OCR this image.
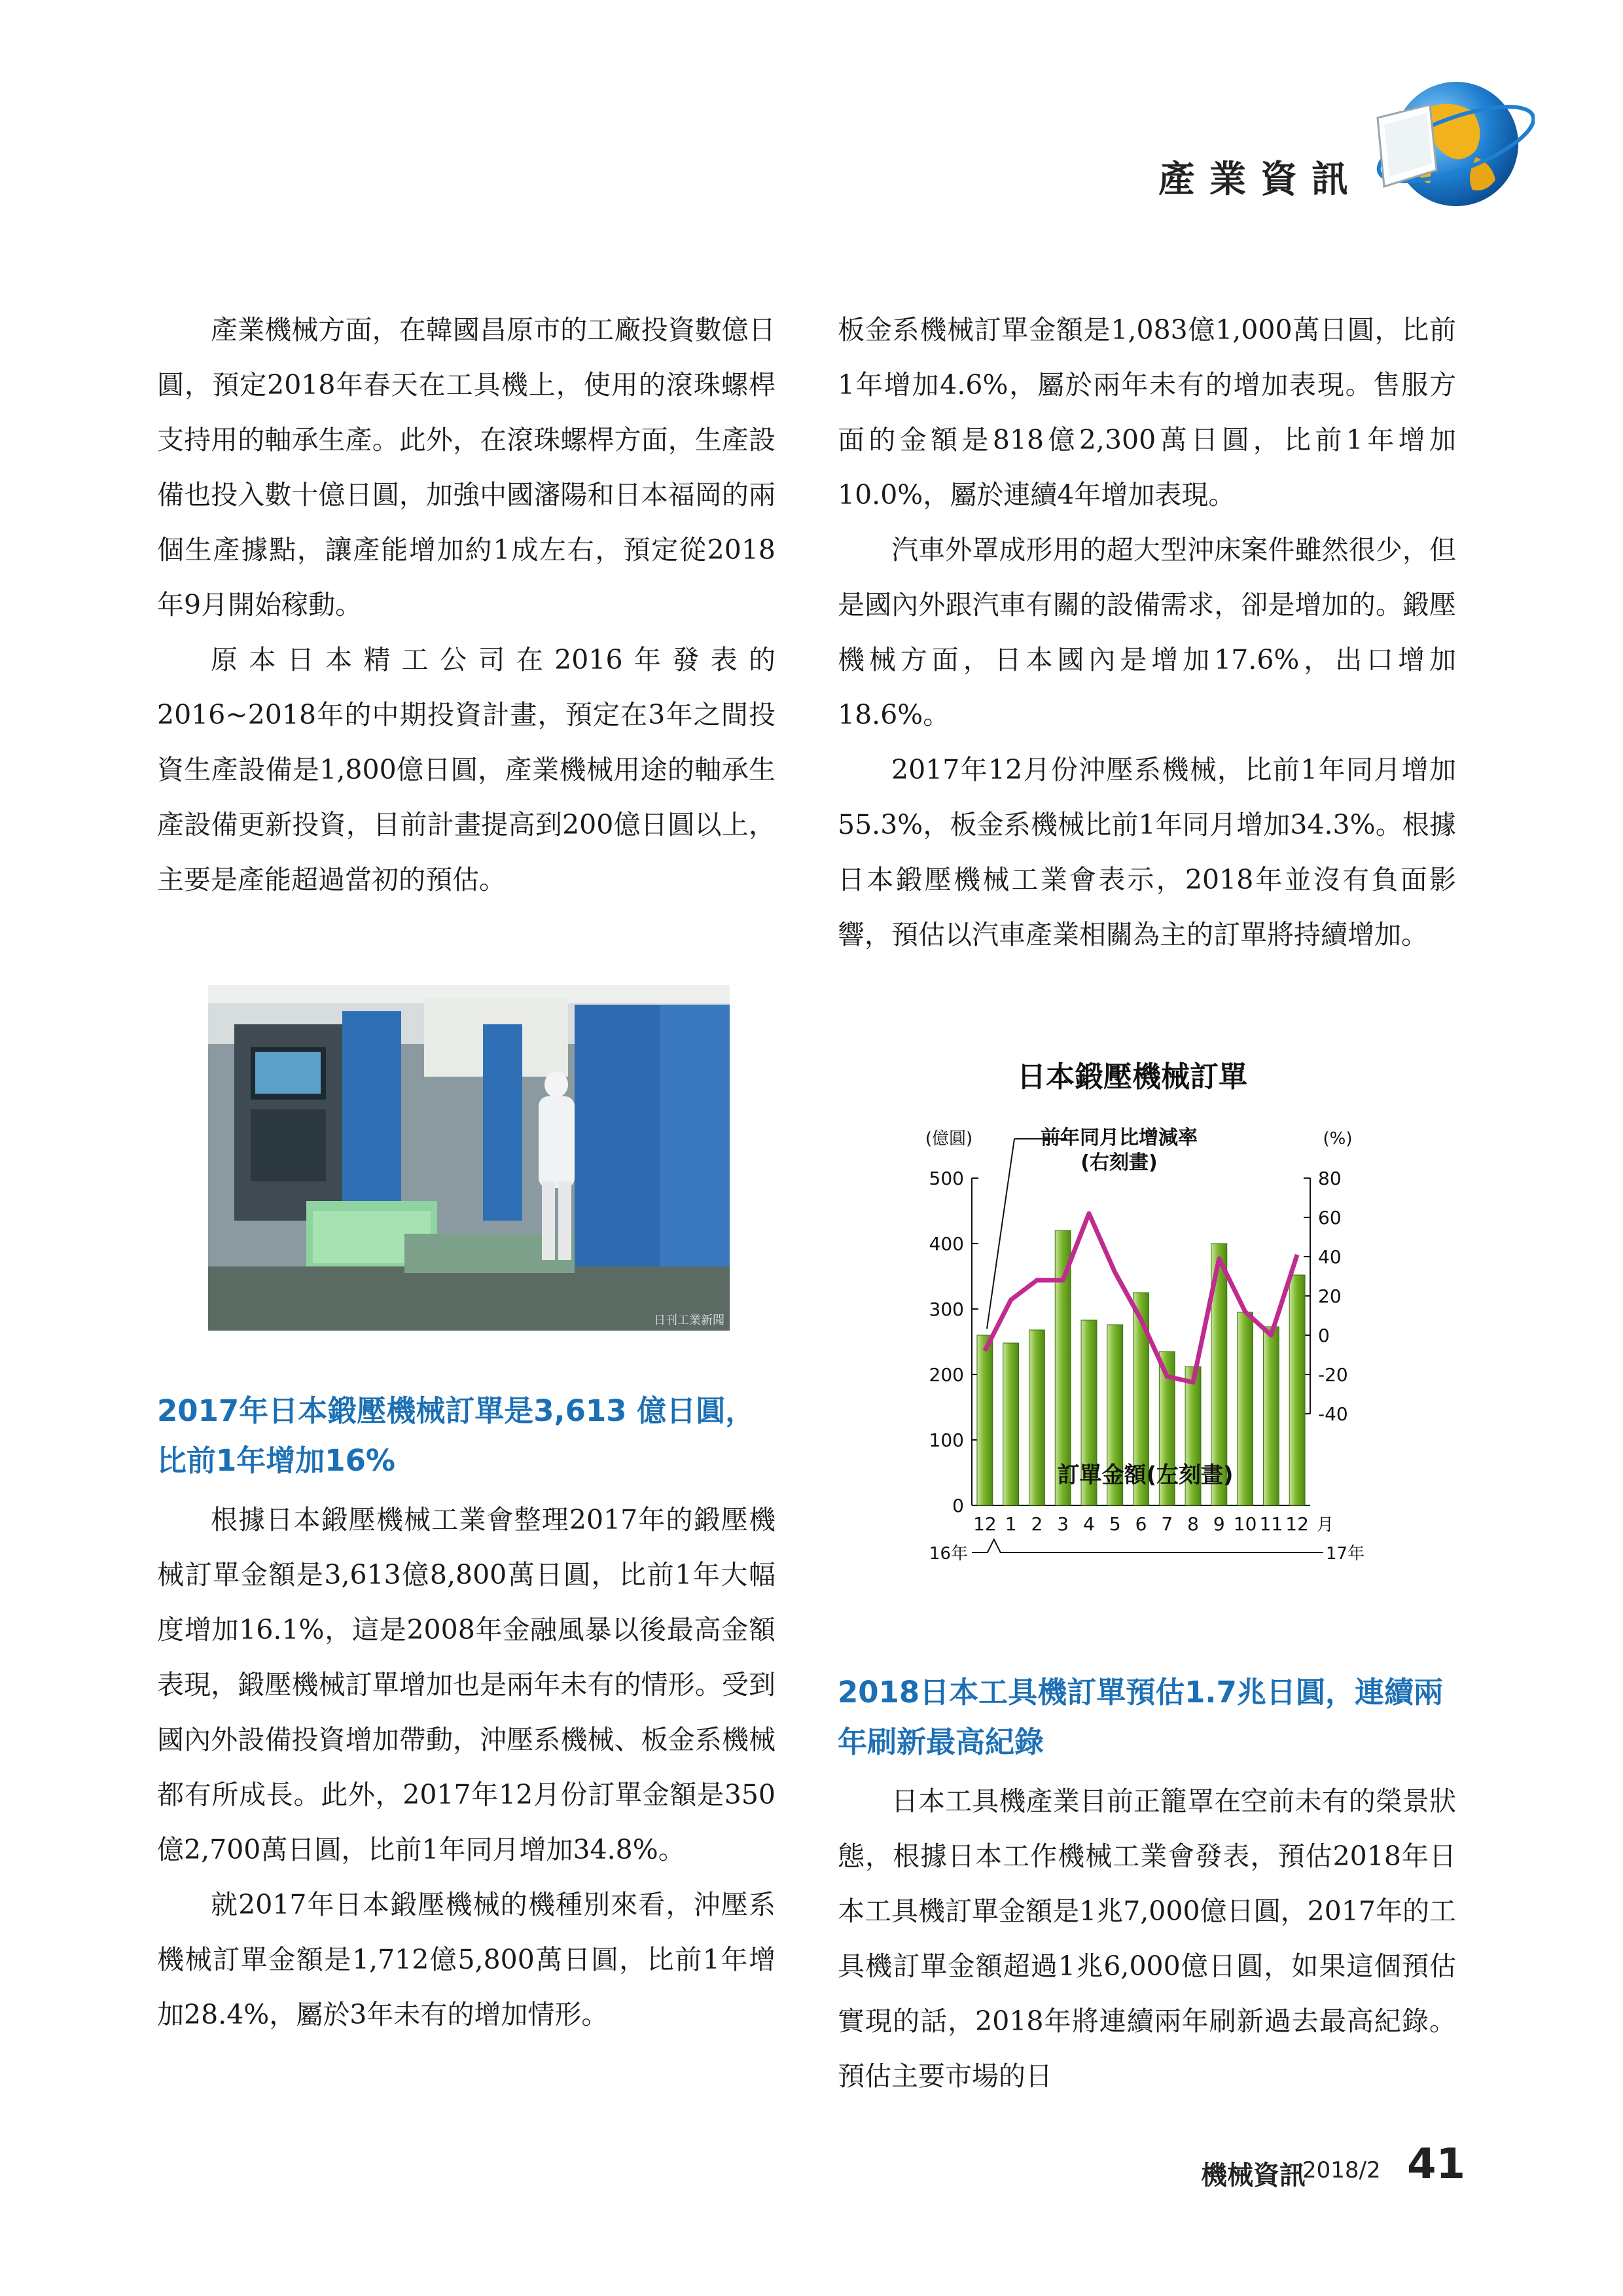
產業資訊

產業機械方面，在韓國昌原市的工廠投資數億日圓，預定2018年春天在工具機上，使用的滾珠螺桿支持用的軸承生產。此外，在滾珠螺桿方面，生產設備也投入數十億日圓，加強中國瀋陽和日本福岡的兩個生產據點，讓產能增加約1成左右，預定從2018年9月開始稼動。

原本日本精工公司在2016年發表的2016~2018年的中期投資計畫，預定在3年之間投資生產設備是1,800億日圓，產業機械用途的軸承生產設備更新投資，目前計畫提高到200億日圓以上，主要是產能超過當初的預估。

日刊工業新聞

2017年日本鍛壓機械訂單是3,613 億日圓，比前1年增加16%

根據日本鍛壓機械工業會整理2017年的鍛壓機械訂單金額是3,613億8,800萬日圓，比前1年大幅度增加16.1%，這是2008年金融風暴以後最高金額表現，鍛壓機械訂單增加也是兩年未有的情形。受到國內外設備投資增加帶動，沖壓系機械、板金系機械都有所成長。此外，2017年12月份訂單金額是350億2,700萬日圓，比前1年同月增加34.8%。

就2017年日本鍛壓機械的機種別來看，沖壓系機械訂單金額是1,712億5,800萬日圓，比前1年增加28.4%，屬於3年未有的增加情形。

板金系機械訂單金額是1,083億1,000萬日圓，比前1年增加4.6%，屬於兩年未有的增加表現。售服方面的金額是818億2,300萬日圓，比前1年增加10.0%，屬於連續4年增加表現。

汽車外罩成形用的超大型沖床案件雖然很少，但是國內外跟汽車有關的設備需求，卻是增加的。鍛壓機械方面，日本國內是增加17.6%，出口增加18.6%。

2017年12月份沖壓系機械，比前1年同月增加55.3%，板金系機械比前1年同月增加34.3%。根據日本鍛壓機械工業會表示，2018年並沒有負面影響，預估以汽車產業相關為主的訂單將持續增加。

日本鍛壓機械訂單
(億圓)	(%)
前年同月比增減率
(右刻畫)
0
100
200
300
400
500
-40
-20
0
20
40
60
80
12 1 2 3 4 5 6 7 8 9 10 11 12 月
16年	17年
訂單金額(左刻畫)

2018日本工具機訂單預估1.7兆日圓，連續兩年刷新最高紀錄

日本工具機產業目前正籠罩在空前未有的榮景狀態，根據日本工作機械工業會發表，預估2018年日本工具機訂單金額是1兆7,000億日圓，2017年的工具機訂單金額超過1兆6,000億日圓，如果這個預估實現的話，2018年將連續兩年刷新過去最高紀錄。預估主要市場的日

機械資訊
2018/2 41
